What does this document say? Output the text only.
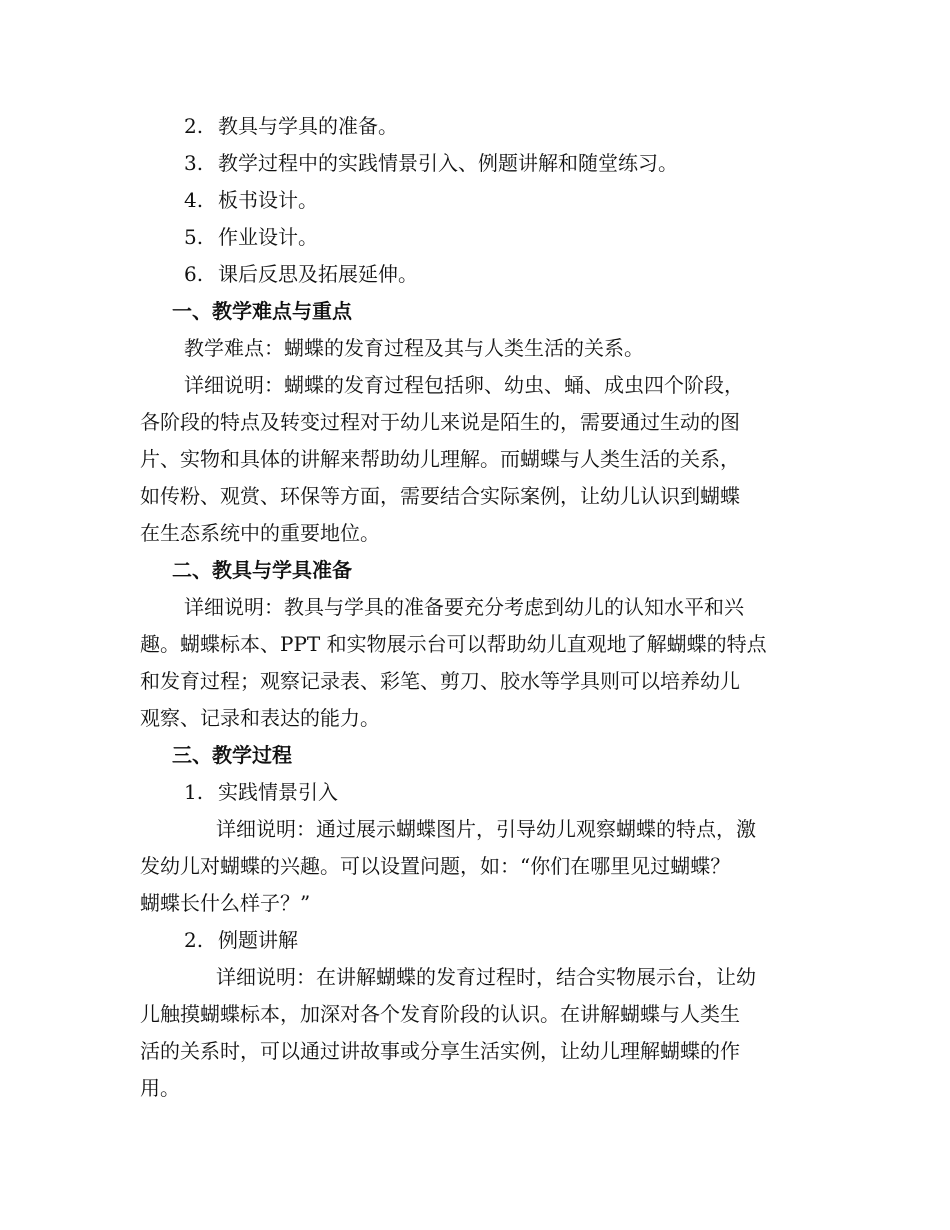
2. 教具与学具的准备。
3. 教学过程中的实践情景引入、例题讲解和随堂练习。
4. 板书设计。
5. 作业设计。
6. 课后反思及拓展延伸。
一、教学难点与重点
教学难点：蝴蝶的发育过程及其与人类生活的关系。
详细说明：蝴蝶的发育过程包括卵、幼虫、蛹、成虫四个阶段，
各阶段的特点及转变过程对于幼儿来说是陌生的，需要通过生动的图
片、实物和具体的讲解来帮助幼儿理解。而蝴蝶与人类生活的关系，
如传粉、观赏、环保等方面，需要结合实际案例，让幼儿认识到蝴蝶
在生态系统中的重要地位。
二、教具与学具准备
详细说明：教具与学具的准备要充分考虑到幼儿的认知水平和兴
趣。蝴蝶标本、PPT 和实物展示台可以帮助幼儿直观地了解蝴蝶的特点
和发育过程；观察记录表、彩笔、剪刀、胶水等学具则可以培养幼儿
观察、记录和表达的能力。
三、教学过程
1. 实践情景引入
详细说明：通过展示蝴蝶图片，引导幼儿观察蝴蝶的特点，激
发幼儿对蝴蝶的兴趣。可以设置问题，如：“你们在哪里见过蝴蝶？
蝴蝶长什么样子？”
2. 例题讲解
详细说明：在讲解蝴蝶的发育过程时，结合实物展示台，让幼
儿触摸蝴蝶标本，加深对各个发育阶段的认识。在讲解蝴蝶与人类生
活的关系时，可以通过讲故事或分享生活实例，让幼儿理解蝴蝶的作
用。
